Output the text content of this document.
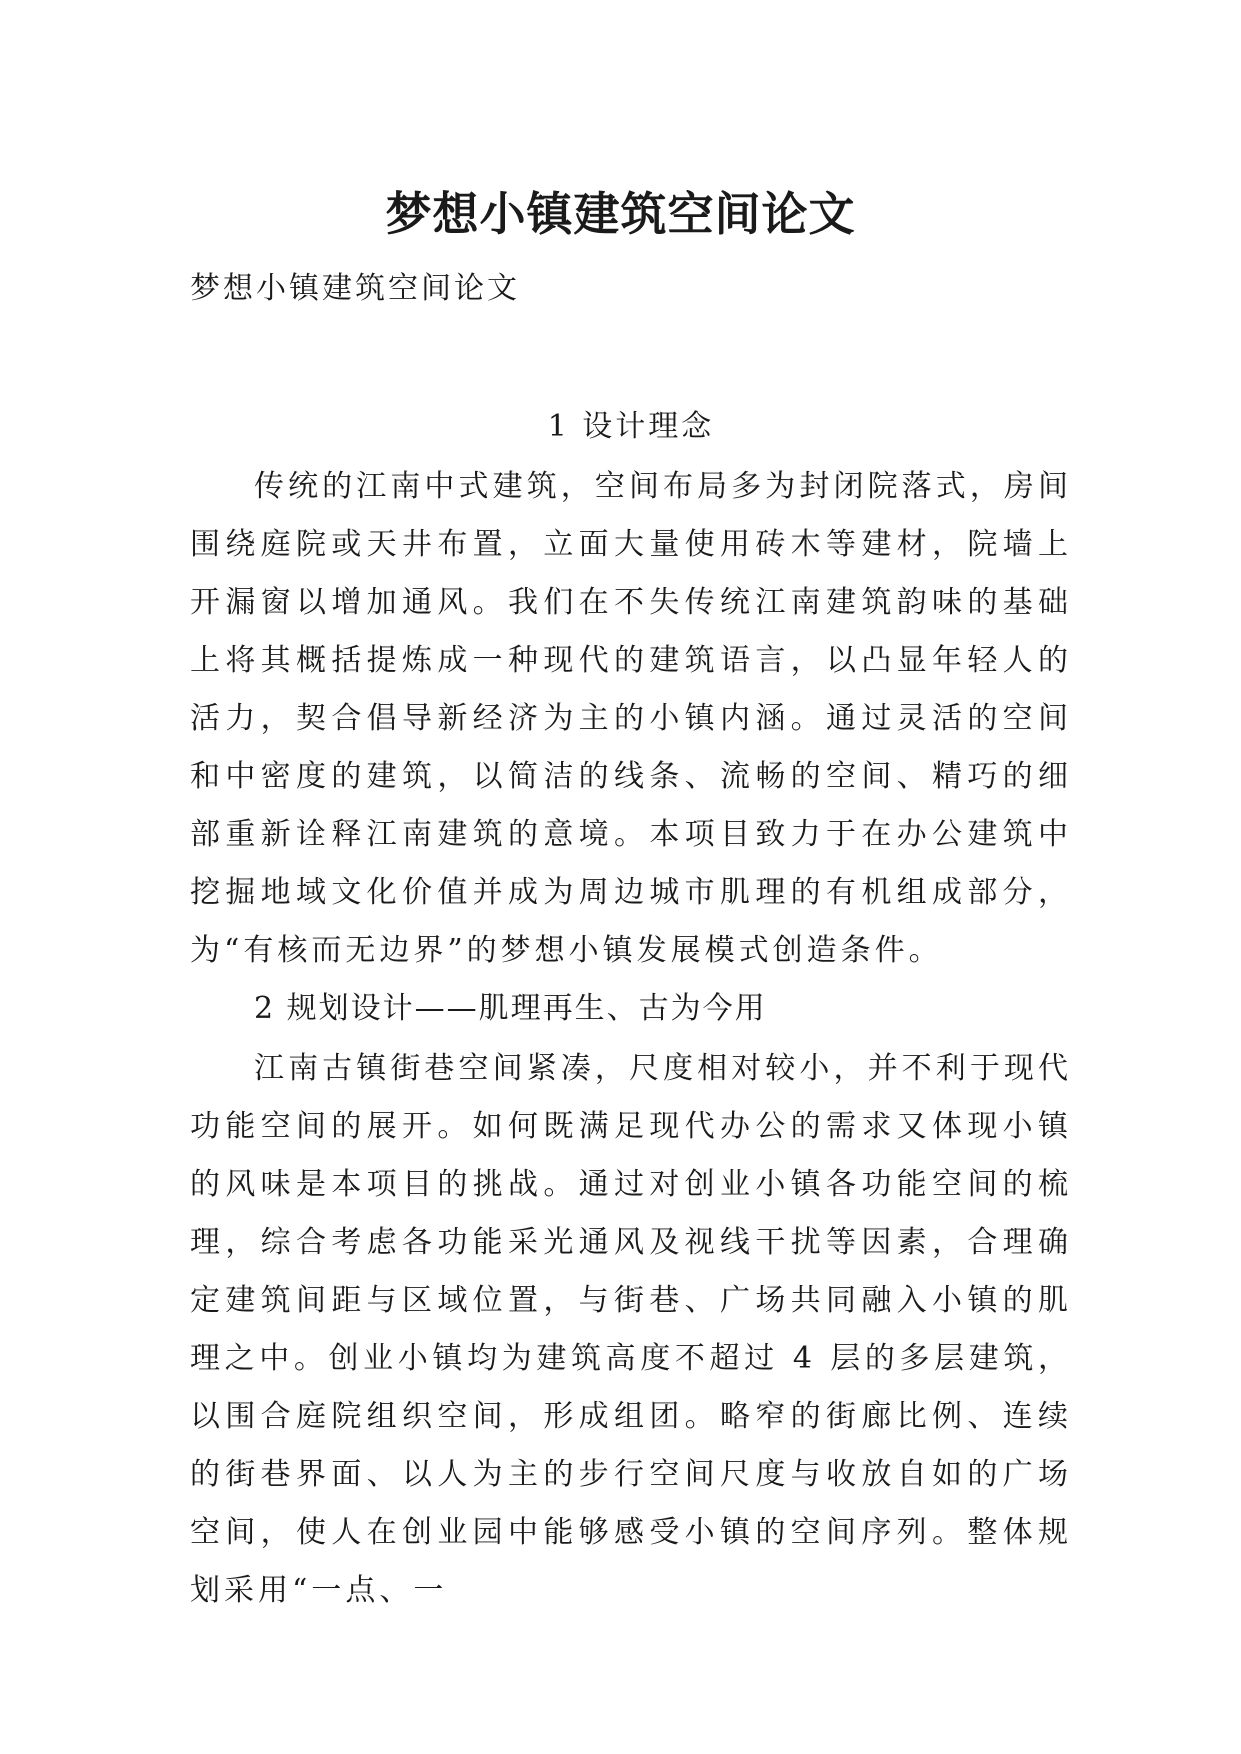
梦想小镇建筑空间论文

梦想小镇建筑空间论文

1 设计理念

传统的江南中式建筑，空间布局多为封闭院落式，房间围绕庭院或天井布置，立面大量使用砖木等建材，院墙上开漏窗以增加通风。我们在不失传统江南建筑韵味的基础上将其概括提炼成一种现代的建筑语言，以凸显年轻人的活力，契合倡导新经济为主的小镇内涵。通过灵活的空间和中密度的建筑，以简洁的线条、流畅的空间、精巧的细部重新诠释江南建筑的意境。本项目致力于在办公建筑中挖掘地域文化价值并成为周边城市肌理的有机组成部分，为“有核而无边界”的梦想小镇发展模式创造条件。

2 规划设计——肌理再生、古为今用

江南古镇街巷空间紧凑，尺度相对较小，并不利于现代功能空间的展开。如何既满足现代办公的需求又体现小镇的风味是本项目的挑战。通过对创业小镇各功能空间的梳理，综合考虑各功能采光通风及视线干扰等因素，合理确定建筑间距与区域位置，与街巷、广场共同融入小镇的肌理之中。创业小镇均为建筑高度不超过 4 层的多层建筑，以围合庭院组织空间，形成组团。略窄的街廊比例、连续的街巷界面、以人为主的步行空间尺度与收放自如的广场空间，使人在创业园中能够感受小镇的空间序列。整体规划采用“一点、一
